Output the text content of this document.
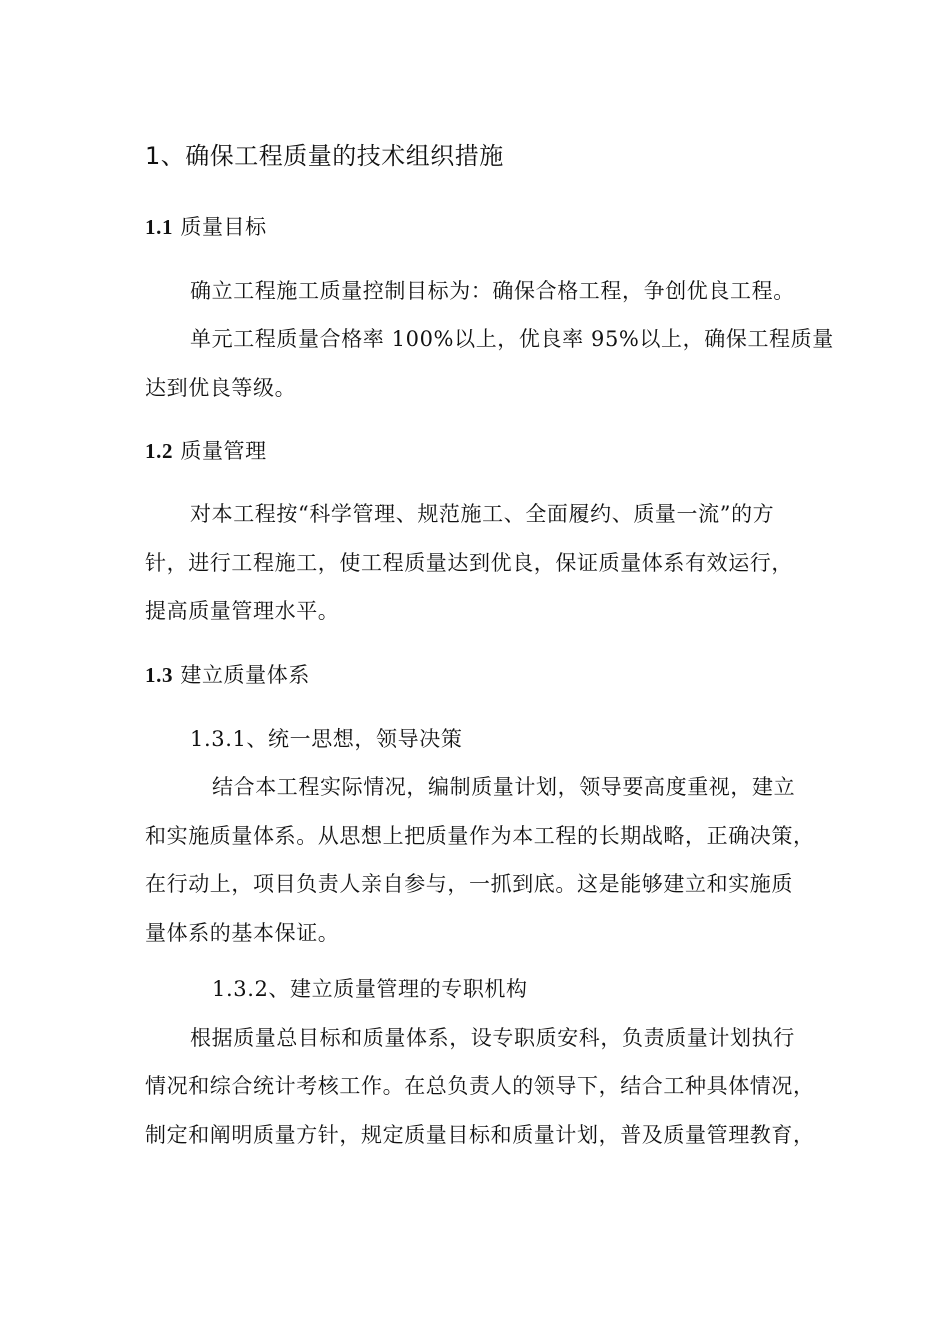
1、确保工程质量的技术组织措施
1.1 质量目标
确立工程施工质量控制目标为：确保合格工程，争创优良工程。
单元工程质量合格率 100%以上，优良率 95%以上，确保工程质量
达到优良等级。
1.2 质量管理
对本工程按“科学管理、规范施工、全面履约、质量一流”的方
针，进行工程施工，使工程质量达到优良，保证质量体系有效运行，
提高质量管理水平。
1.3 建立质量体系
1.3.1、统一思想，领导决策
结合本工程实际情况，编制质量计划，领导要高度重视，建立
和实施质量体系。从思想上把质量作为本工程的长期战略，正确决策，
在行动上，项目负责人亲自参与，一抓到底。这是能够建立和实施质
量体系的基本保证。
1.3.2、建立质量管理的专职机构
根据质量总目标和质量体系，设专职质安科，负责质量计划执行
情况和综合统计考核工作。在总负责人的领导下，结合工种具体情况，
制定和阐明质量方针，规定质量目标和质量计划，普及质量管理教育，
